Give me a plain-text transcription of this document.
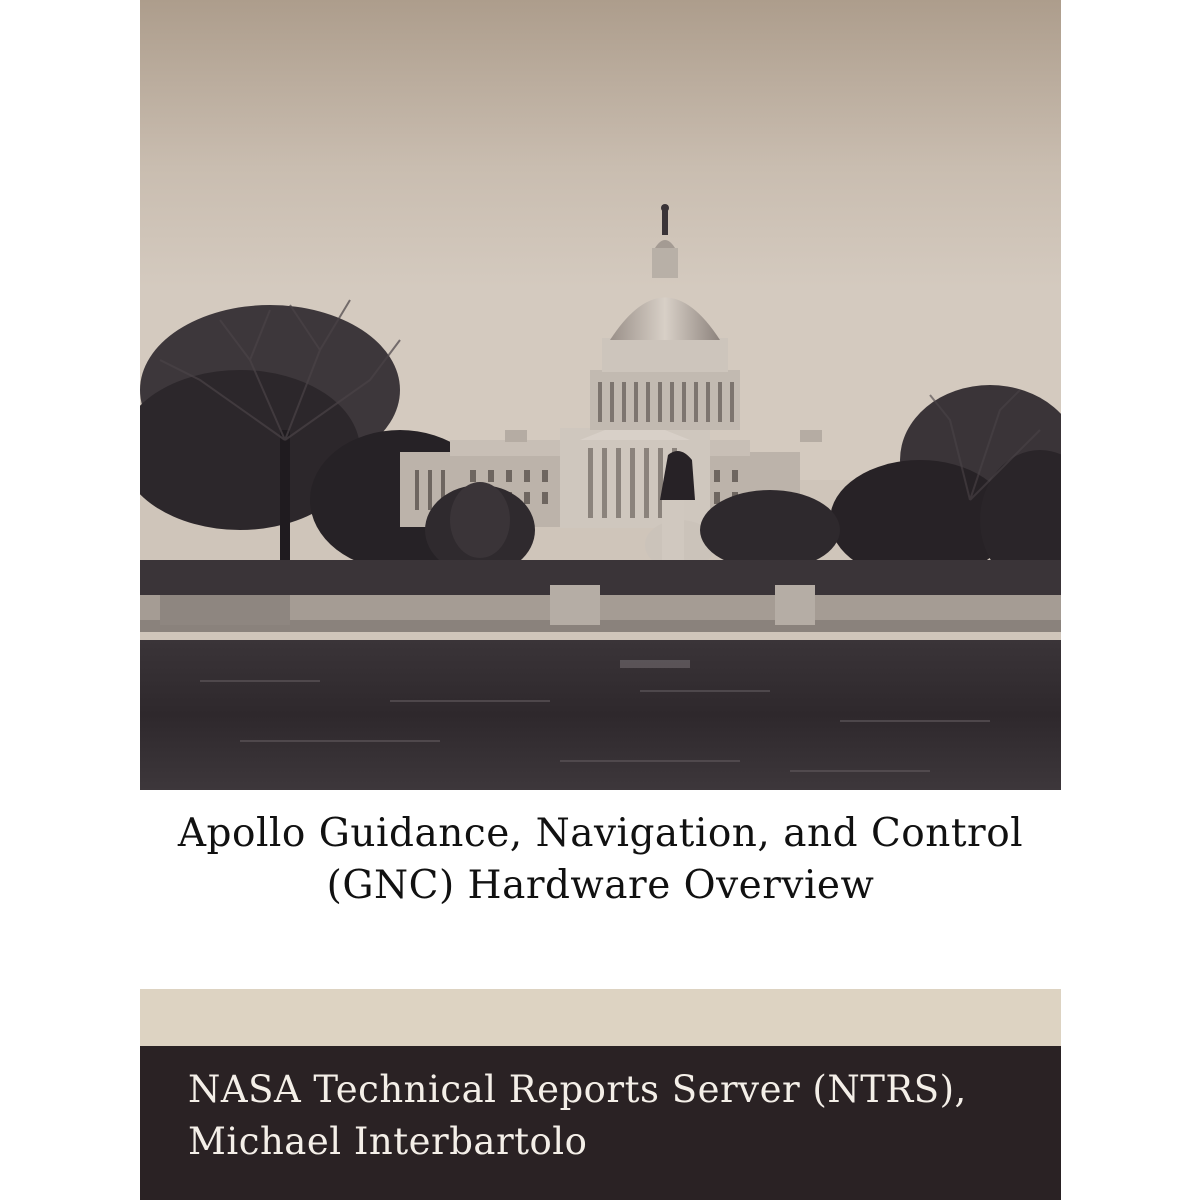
Apollo Guidance, Navigation, and Control (GNC) Hardware Overview

NASA Technical Reports Server (NTRS), Michael Interbartolo
